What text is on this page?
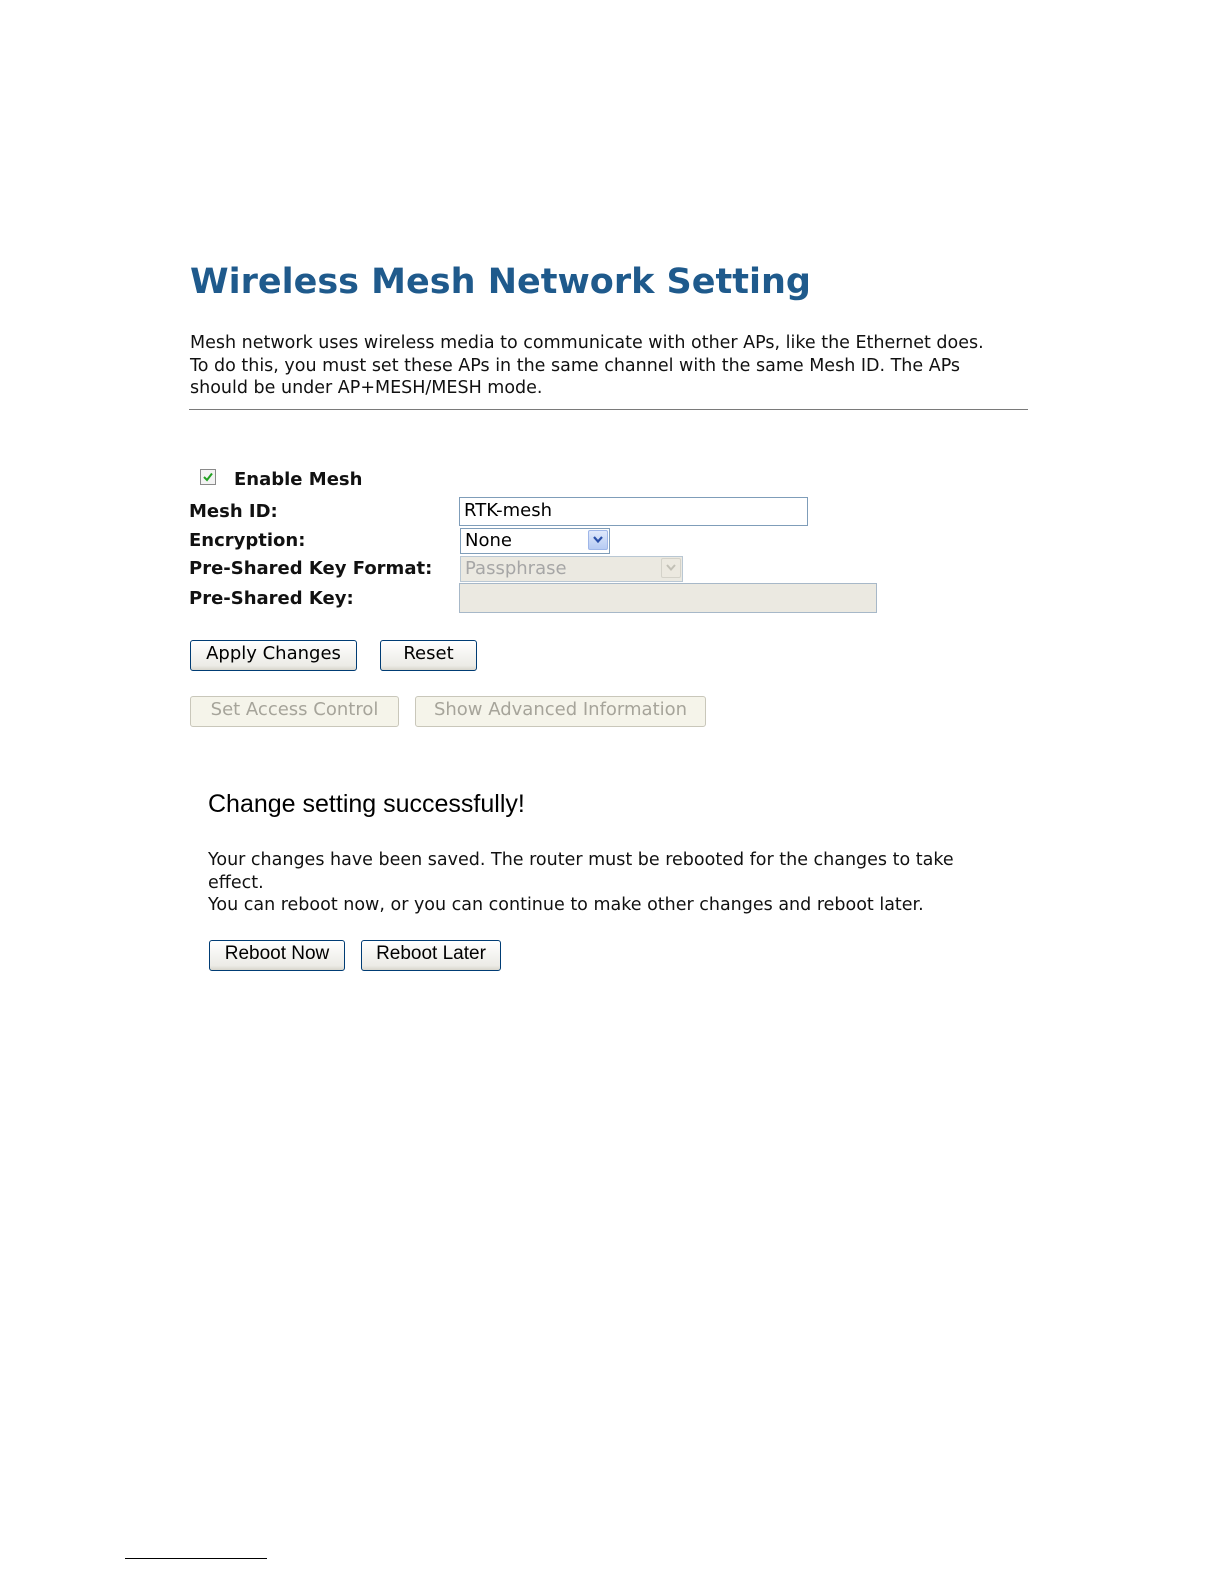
Wireless Mesh Network Setting
Mesh network uses wireless media to communicate with other APs, like the Ethernet does.
To do this, you must set these APs in the same channel with the same Mesh ID. The APs
should be under AP+MESH/MESH mode.
Enable Mesh
Mesh ID:	RTK-mesh
Encryption:	None
Pre-Shared Key Format: Passphrase
Pre-Shared Key:
Apply Changes	Reset
Set Access Control	Show Advanced Information
Change setting successfully!
Your changes have been saved. The router must be rebooted for the changes to take
effect.
You can reboot now, or you can continue to make other changes and reboot later.
Reboot Now	Reboot Later
